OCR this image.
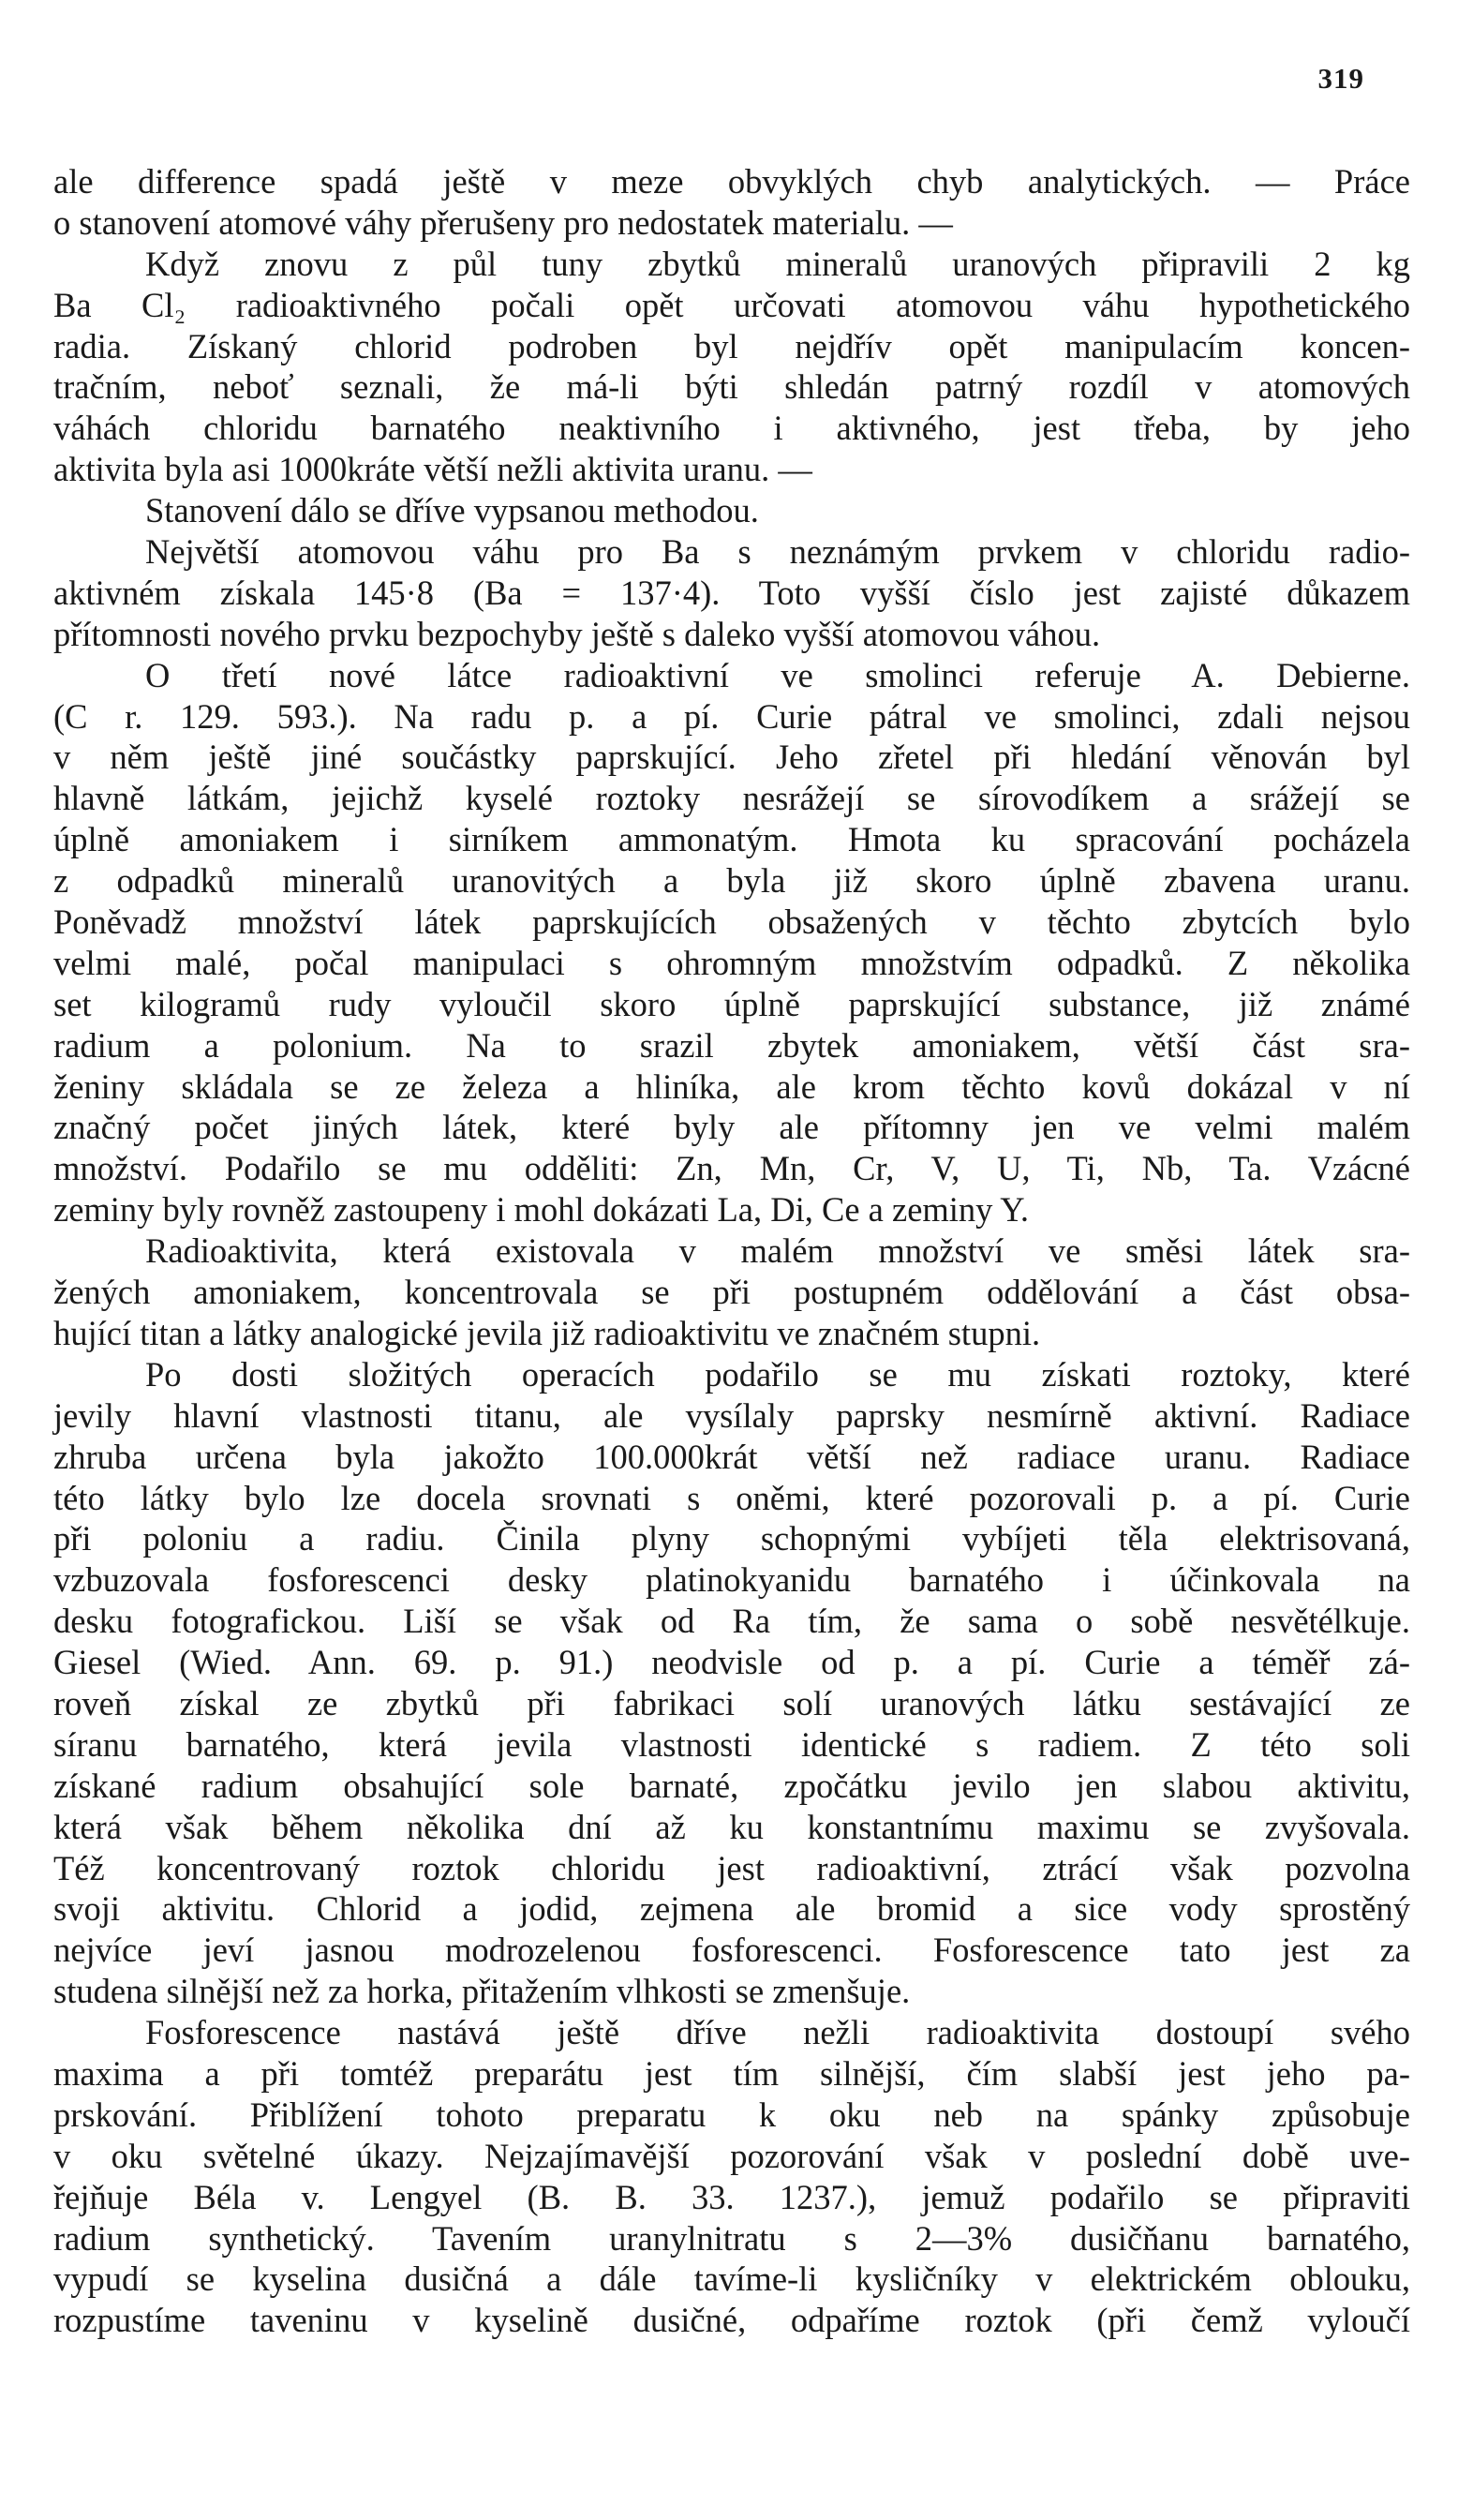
319
ale difference spadá ještě v meze obvyklých chyb analytických. — Práce
o stanovení atomové váhy přerušeny pro nedostatek materialu. —
Když znovu z půl tuny zbytků mineralů uranových připravili 2 kg
Ba Cl₂ radioaktivného počali opět určovati atomovou váhu hypothetického
radia. Získaný chlorid podroben byl nejdřív opět manipulacím koncen-
tračním, neboť seznali, že má-li býti shledán patrný rozdíl v atomových
váhách chloridu barnatého neaktivního i aktivného, jest třeba, by jeho
aktivita byla asi 1000kráte větší nežli aktivita uranu. —
Stanovení dálo se dříve vypsanou methodou.
Největší atomovou váhu pro Ba s neznámým prvkem v chloridu radio-
aktivném získala 145·8 (Ba = 137·4). Toto vyšší číslo jest zajisté důkazem
přítomnosti nového prvku bezpochyby ještě s daleko vyšší atomovou váhou.
O třetí nové látce radioaktivní ve smolinci referuje A. Debierne.
(C r. 129. 593.). Na radu p. a pí. Curie pátral ve smolinci, zdali nejsou
v něm ještě jiné součástky paprskující. Jeho zřetel při hledání věnován byl
hlavně látkám, jejichž kyselé roztoky nesrážejí se sírovodíkem a srážejí se
úplně amoniakem i sirníkem ammonatým. Hmota ku spracování pocházela
z odpadků mineralů uranovitých a byla již skoro úplně zbavena uranu.
Poněvadž množství látek paprskujících obsažených v těchto zbytcích bylo
velmi malé, počal manipulaci s ohromným množstvím odpadků. Z několika
set kilogramů rudy vyloučil skoro úplně paprskující substance, již známé
radium a polonium. Na to srazil zbytek amoniakem, větší část sra-
ženiny skládala se ze železa a hliníka, ale krom těchto kovů dokázal v ní
značný počet jiných látek, které byly ale přítomny jen ve velmi malém
množství. Podařilo se mu odděliti: Zn, Mn, Cr, V, U, Ti, Nb, Ta. Vzácné
zeminy byly rovněž zastoupeny i mohl dokázati La, Di, Ce a zeminy Y.
Radioaktivita, která existovala v malém množství ve směsi látek sra-
žených amoniakem, koncentrovala se při postupném oddělování a část obsa-
hující titan a látky analogické jevila již radioaktivitu ve značném stupni.
Po dosti složitých operacích podařilo se mu získati roztoky, které
jevily hlavní vlastnosti titanu, ale vysílaly paprsky nesmírně aktivní. Radiace
zhruba určena byla jakožto 100.000krát větší než radiace uranu. Radiace
této látky bylo lze docela srovnati s oněmi, které pozorovali p. a pí. Curie
při poloniu a radiu. Činila plyny schopnými vybíjeti těla elektrisovaná,
vzbuzovala fosforescenci desky platinokyanidu barnatého i účinkovala na
desku fotografickou. Liší se však od Ra tím, že sama o sobě nesvětélkuje.
Giesel (Wied. Ann. 69. p. 91.) neodvisle od p. a pí. Curie a téměř zá-
roveň získal ze zbytků při fabrikaci solí uranových látku sestávající ze
síranu barnatého, která jevila vlastnosti identické s radiem. Z této soli
získané radium obsahující sole barnaté, zpočátku jevilo jen slabou aktivitu,
která však během několika dní až ku konstantnímu maximu se zvyšovala.
Též koncentrovaný roztok chloridu jest radioaktivní, ztrácí však pozvolna
svoji aktivitu. Chlorid a jodid, zejmena ale bromid a sice vody sprostěný
nejvíce jeví jasnou modrozelenou fosforescenci. Fosforescence tato jest za
studena silnější než za horka, přitažením vlhkosti se zmenšuje.
Fosforescence nastává ještě dříve nežli radioaktivita dostoupí svého
maxima a při tomtéž preparátu jest tím silnější, čím slabší jest jeho pa-
prskování. Přiblížení tohoto preparatu k oku neb na spánky způsobuje
v oku světelné úkazy. Nejzajímavější pozorování však v poslední době uve-
řejňuje Béla v. Lengyel (B. B. 33. 1237.), jemuž podařilo se připraviti
radium synthetický. Tavením uranylnitratu s 2—3% dusičňanu barnatého,
vypudí se kyselina dusičná a dále tavíme-li kysličníky v elektrickém oblouku,
rozpustíme taveninu v kyselině dusičné, odpaříme roztok (při čemž vyloučí
